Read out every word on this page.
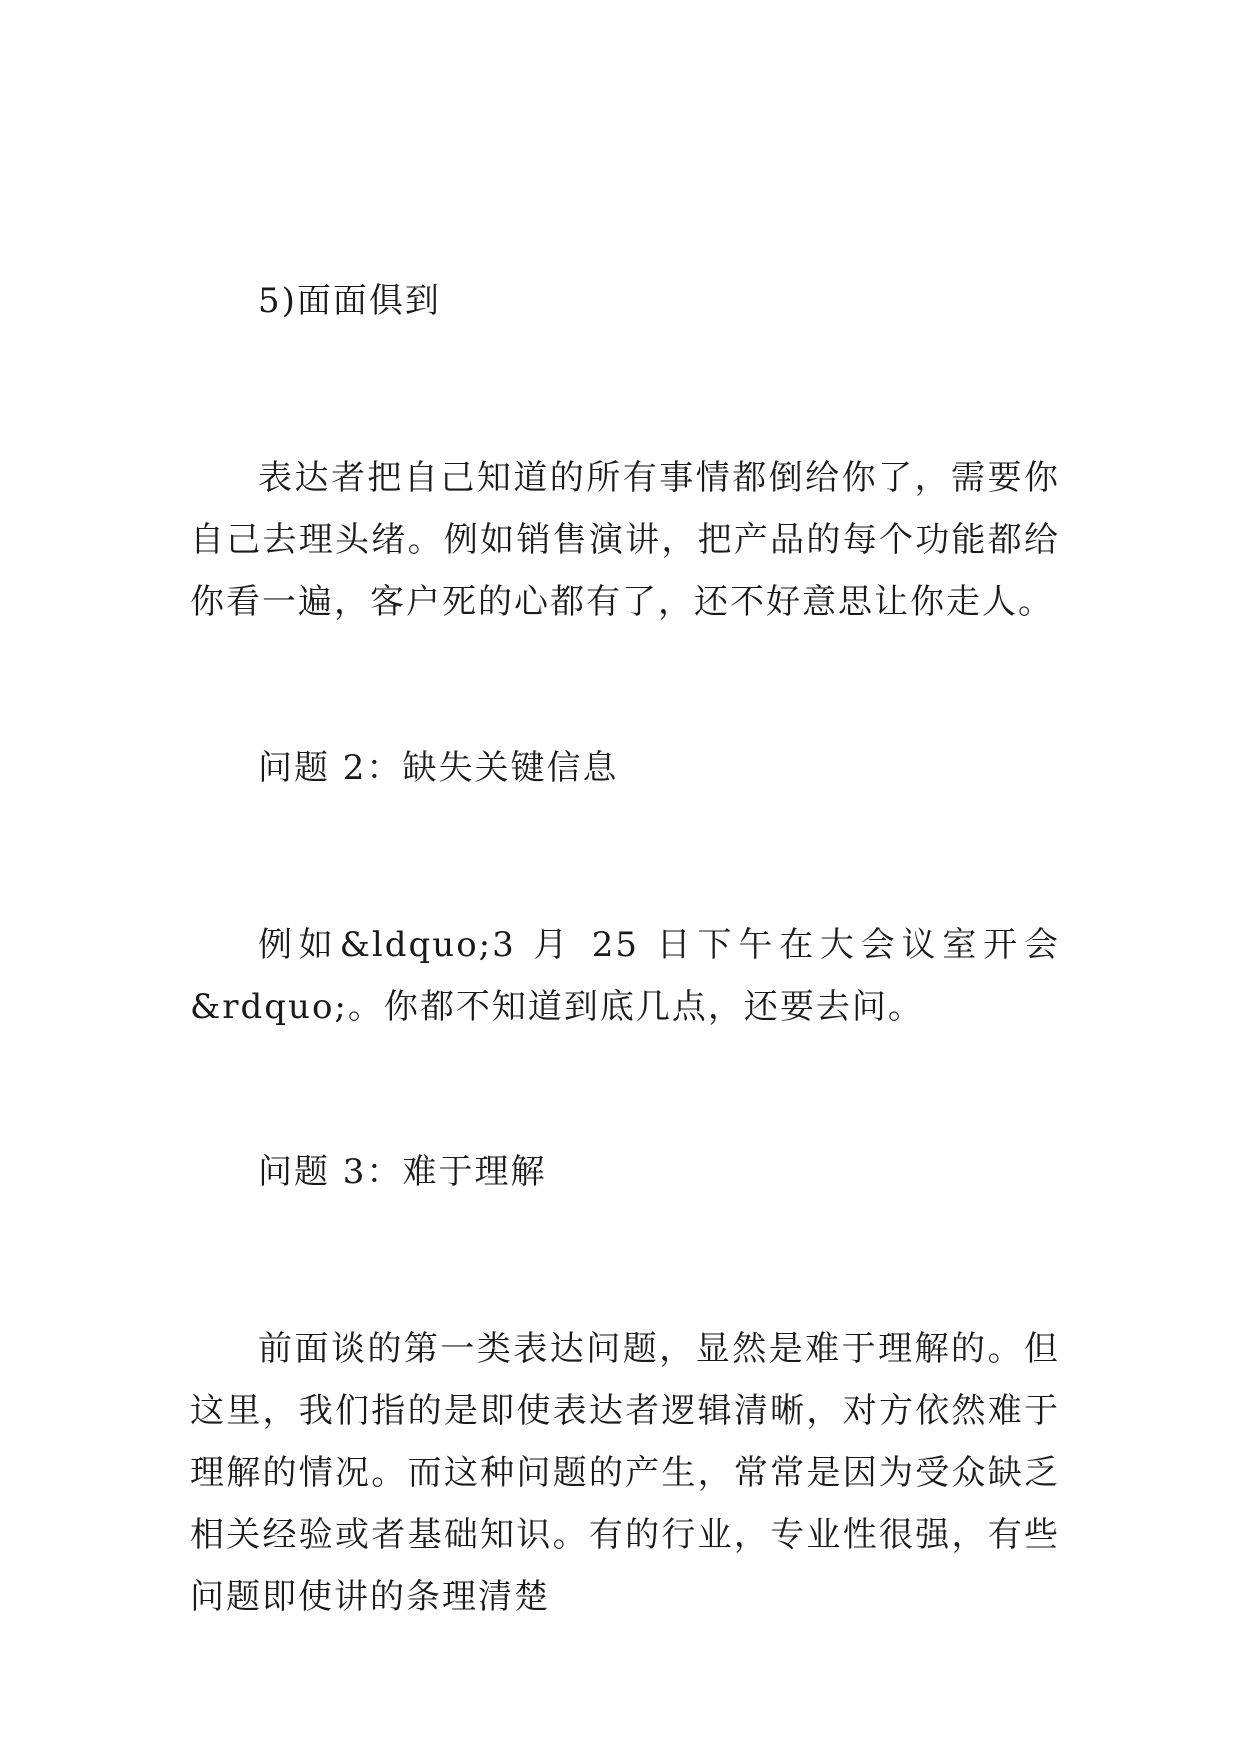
5)面面俱到

表达者把自己知道的所有事情都倒给你了，需要你自己去理头绪。例如销售演讲，把产品的每个功能都给你看一遍，客户死的心都有了，还不好意思让你走人。

问题 2：缺失关键信息

例如&ldquo;3 月 25 日下午在大会议室开会&rdquo;。你都不知道到底几点，还要去问。

问题 3：难于理解

前面谈的第一类表达问题，显然是难于理解的。但这里，我们指的是即使表达者逻辑清晰，对方依然难于理解的情况。而这种问题的产生，常常是因为受众缺乏相关经验或者基础知识。有的行业，专业性很强，有些问题即使讲的条理清楚
